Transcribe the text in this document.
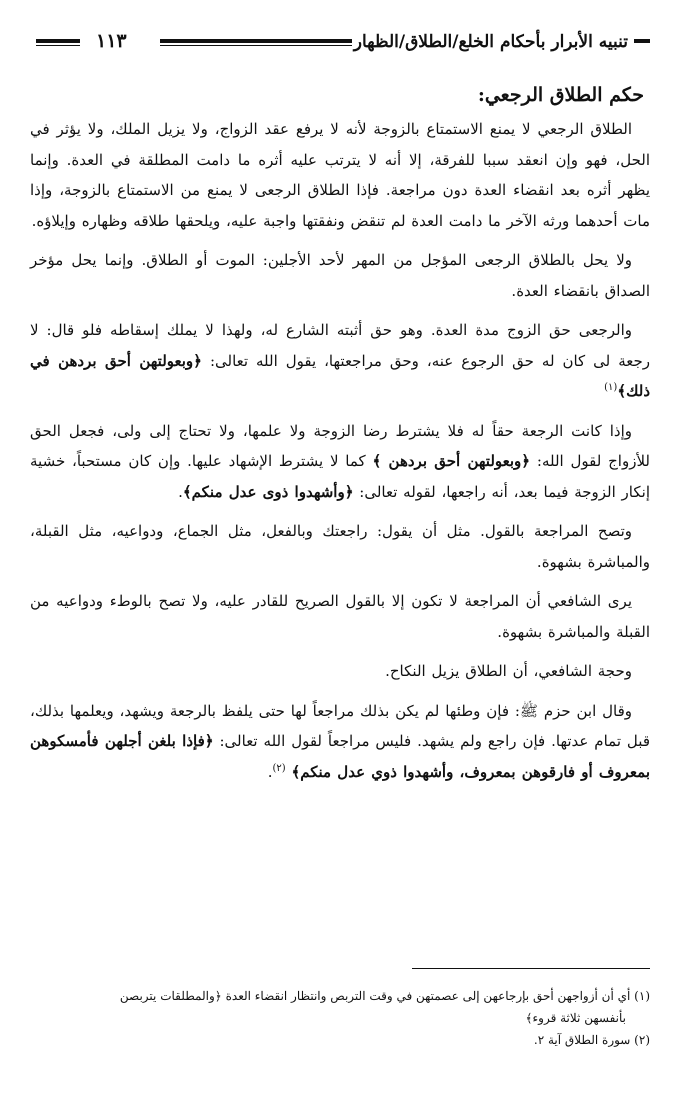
تنبيه الأبرار بأحكام الخلع/الطلاق/الظهار
١١٣
حكم الطلاق الرجعي:

الطلاق الرجعي لا يمنع الاستمتاع بالزوجة لأنه لا يرفع عقد الزواج، ولا يزيل الملك، ولا يؤثر في الحل، فهو وإن انعقد سببا للفرقة، إلا أنه لا يترتب عليه أثره ما دامت المطلقة في العدة. وإنما يظهر أثره بعد انقضاء العدة دون مراجعة. فإذا الطلاق الرجعى لا يمنع من الاستمتاع بالزوجة، وإذا مات أحدهما ورثه الآخر ما دامت العدة لم تنقض ونفقتها واجبة عليه، ويلحقها طلاقه وظهاره وإيلاؤه.

ولا يحل بالطلاق الرجعى المؤجل من المهر لأحد الأجلين: الموت أو الطلاق. وإنما يحل مؤخر الصداق بانقضاء العدة.

والرجعى حق الزوج مدة العدة. وهو حق أثبته الشارع له، ولهذا لا يملك إسقاطه فلو قال: لا رجعة لى كان له حق الرجوع عنه، وحق مراجعتها، يقول الله تعالى: ﴿وبعولتهن أحق بردهن في ذلك﴾$^{(١)}$

وإذا كانت الرجعة حقاً له فلا يشترط رضا الزوجة ولا علمها، ولا تحتاج إلى ولى، فجعل الحق للأزواج لقول الله: ﴿وبعولتهن أحق بردهن ﴾ كما لا يشترط الإشهاد عليها. وإن كان مستحباً، خشية إنكار الزوجة فيما بعد، أنه راجعها، لقوله تعالى: ﴿وأشهدوا ذوى عدل منكم﴾.

وتصح المراجعة بالقول. مثل أن يقول: راجعتك وبالفعل، مثل الجماع، ودواعيه، مثل القبلة، والمباشرة بشهوة.

يرى الشافعي أن المراجعة لا تكون إلا بالقول الصريح للقادر عليه، ولا تصح بالوطء ودواعيه من القبلة والمباشرة بشهوة.

وحجة الشافعي، أن الطلاق يزيل النكاح.

وقال ابن حزم ﷺ: فإن وطئها لم يكن بذلك مراجعاً لها حتى يلفظ بالرجعة ويشهد، ويعلمها بذلك، قبل تمام عدتها. فإن راجع ولم يشهد. فليس مراجعاً لقول الله تعالى: ﴿فإذا بلغن أجلهن فأمسكوهن بمعروف أو فارقوهن بمعروف، وأشهدوا ذوي عدل منكم﴾ $^{(٢)}$.

(١) أي أن أزواجهن أحق بإرجاعهن إلى عصمتهن في وقت التربص وانتظار انقضاء العدة ﴿والمطلقات يتربصن
بأنفسهن ثلاثة قروء﴾
(٢) سورة الطلاق آية ٢.
